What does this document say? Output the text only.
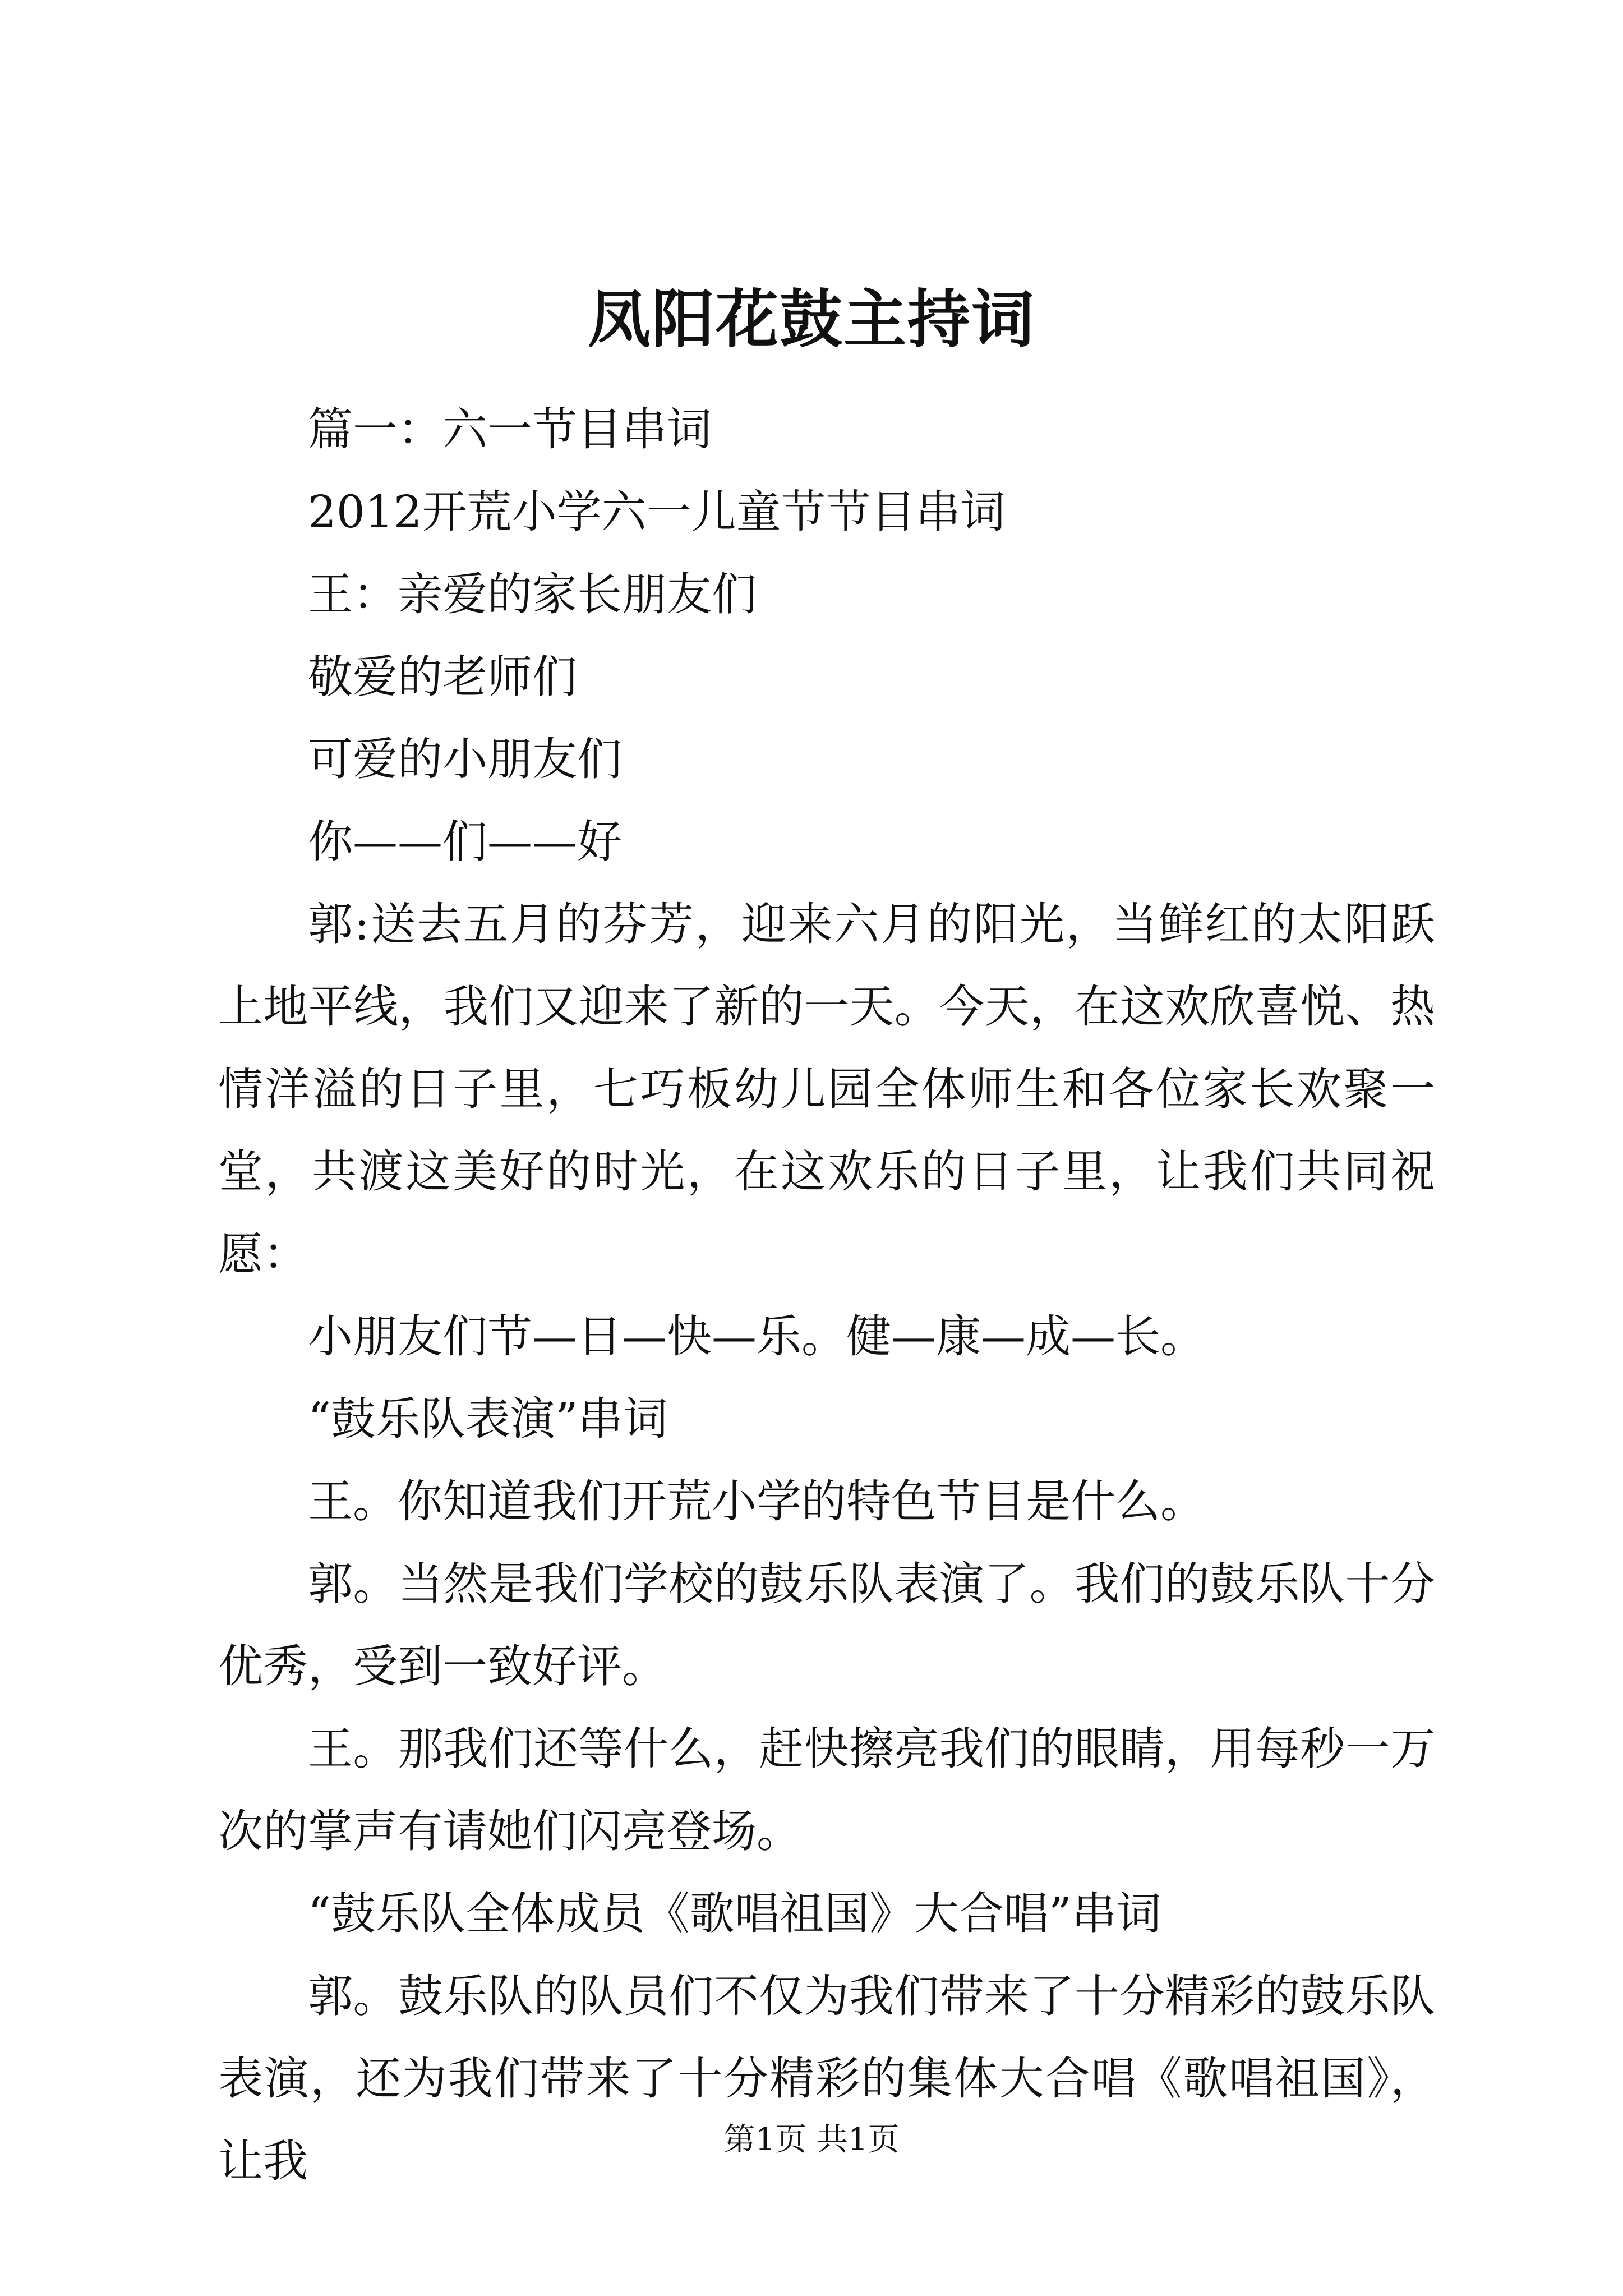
凤阳花鼓主持词

篇一：六一节目串词

2012开荒小学六一儿童节节目串词

王：亲爱的家长朋友们

敬爱的老师们

可爱的小朋友们

你——们——好

郭:送去五月的芬芳，迎来六月的阳光，当鲜红的太阳跃上地平线，我们又迎来了新的一天。今天，在这欢欣喜悦、热情洋溢的日子里，七巧板幼儿园全体师生和各位家长欢聚一堂，共渡这美好的时光，在这欢乐的日子里，让我们共同祝愿：

小朋友们节—日—快—乐。健—康—成—长。

“鼓乐队表演”串词

王。你知道我们开荒小学的特色节目是什么。

郭。当然是我们学校的鼓乐队表演了。我们的鼓乐队十分优秀，受到一致好评。

王。那我们还等什么，赶快擦亮我们的眼睛，用每秒一万次的掌声有请她们闪亮登场。

“鼓乐队全体成员《歌唱祖国》大合唱”串词

郭。鼓乐队的队员们不仅为我们带来了十分精彩的鼓乐队表演，还为我们带来了十分精彩的集体大合唱《歌唱祖国》，让我	第1页 共1页
